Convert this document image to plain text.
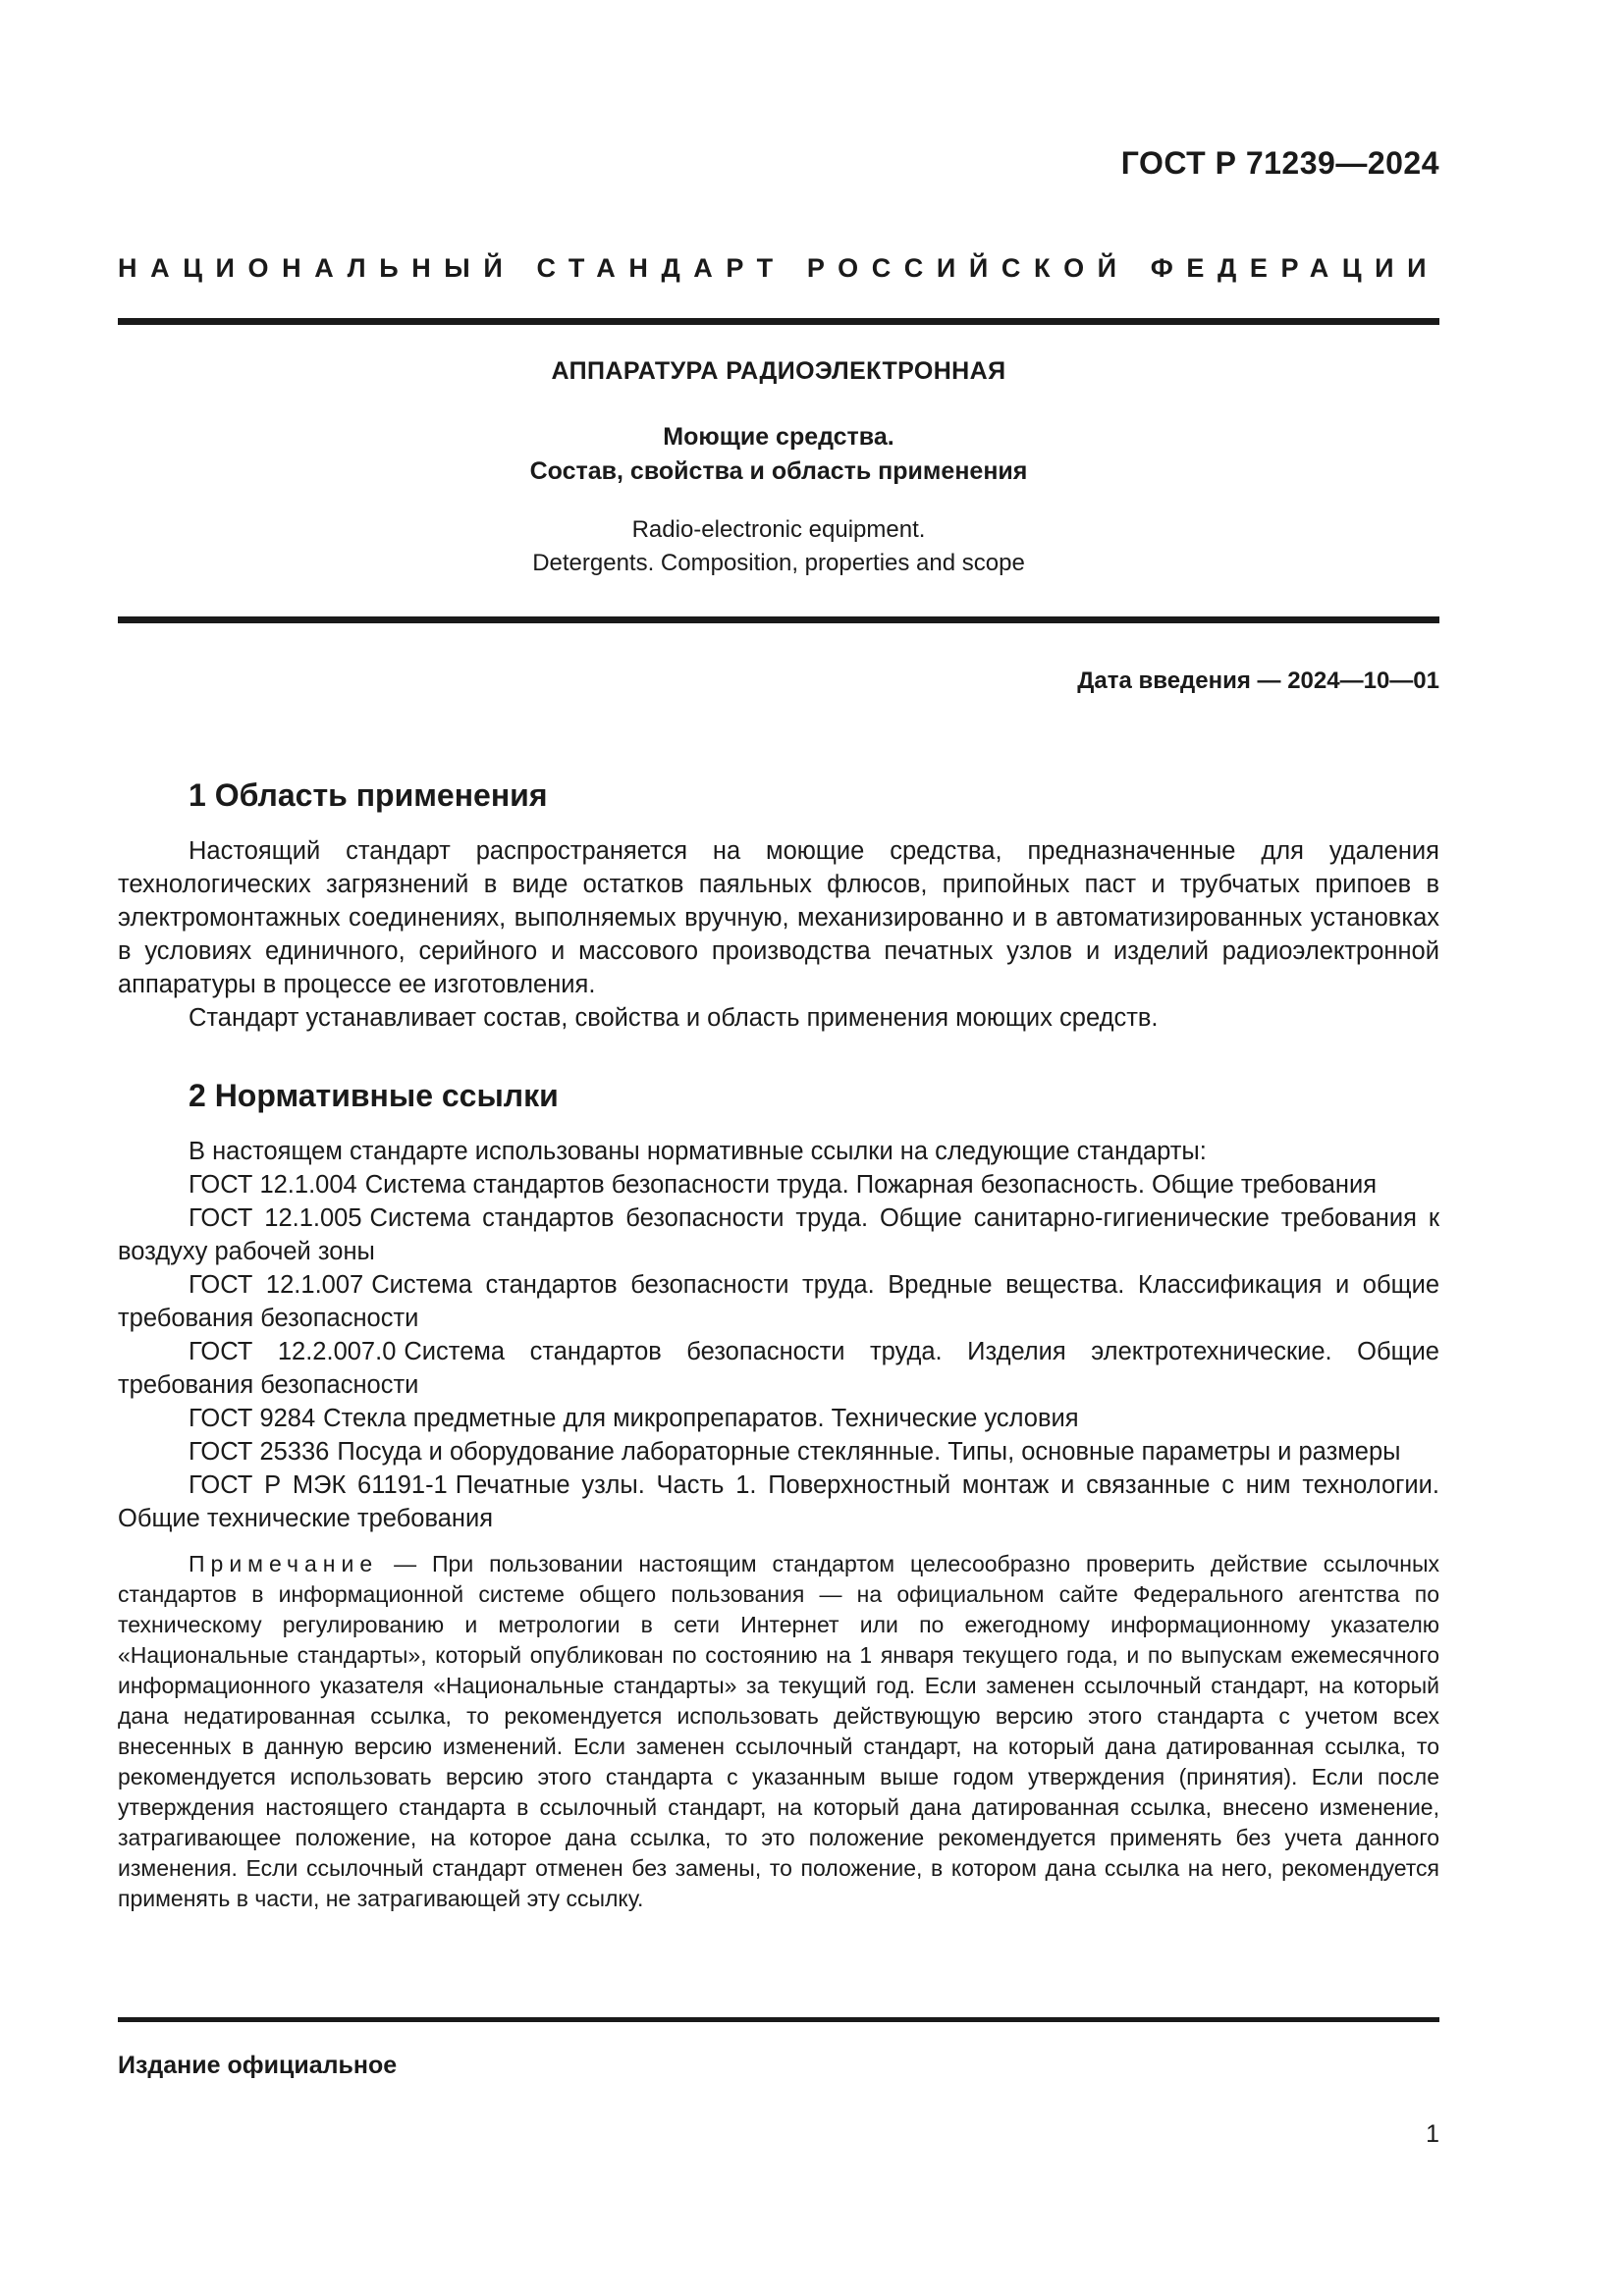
ГОСТ Р 71239—2024
НАЦИОНАЛЬНЫЙ СТАНДАРТ РОССИЙСКОЙ ФЕДЕРАЦИИ
АППАРАТУРА РАДИОЭЛЕКТРОННАЯ
Моющие средства.
Состав, свойства и область применения
Radio-electronic equipment.
Detergents. Composition, properties and scope
Дата введения — 2024—10—01
1 Область применения

Настоящий стандарт распространяется на моющие средства, предназначенные для удаления технологических загрязнений в виде остатков паяльных флюсов, припойных паст и трубчатых припоев в электромонтажных соединениях, выполняемых вручную, механизированно и в автоматизированных установках в условиях единичного, серийного и массового производства печатных узлов и изделий радиоэлектронной аппаратуры в процессе ее изготовления.

Стандарт устанавливает состав, свойства и область применения моющих средств.

2 Нормативные ссылки

В настоящем стандарте использованы нормативные ссылки на следующие стандарты:

ГОСТ 12.1.004 Система стандартов безопасности труда. Пожарная безопасность. Общие требования

ГОСТ 12.1.005 Система стандартов безопасности труда. Общие санитарно-гигиенические требования к воздуху рабочей зоны

ГОСТ 12.1.007 Система стандартов безопасности труда. Вредные вещества. Классификация и общие требования безопасности

ГОСТ 12.2.007.0 Система стандартов безопасности труда. Изделия электротехнические. Общие требования безопасности

ГОСТ 9284 Стекла предметные для микропрепаратов. Технические условия

ГОСТ 25336 Посуда и оборудование лабораторные стеклянные. Типы, основные параметры и размеры

ГОСТ Р МЭК 61191-1 Печатные узлы. Часть 1. Поверхностный монтаж и связанные с ним технологии. Общие технические требования

Примечание — При пользовании настоящим стандартом целесообразно проверить действие ссылочных стандартов в информационной системе общего пользования — на официальном сайте Федерального агентства по техническому регулированию и метрологии в сети Интернет или по ежегодному информационному указателю «Национальные стандарты», который опубликован по состоянию на 1 января текущего года, и по выпускам ежемесячного информационного указателя «Национальные стандарты» за текущий год. Если заменен ссылочный стандарт, на который дана недатированная ссылка, то рекомендуется использовать действующую версию этого стандарта с учетом всех внесенных в данную версию изменений. Если заменен ссылочный стандарт, на который дана датированная ссылка, то рекомендуется использовать версию этого стандарта с указанным выше годом утверждения (принятия). Если после утверждения настоящего стандарта в ссылочный стандарт, на который дана датированная ссылка, внесено изменение, затрагивающее положение, на которое дана ссылка, то это положение рекомендуется применять без учета данного изменения. Если ссылочный стандарт отменен без замены, то положение, в котором дана ссылка на него, рекомендуется применять в части, не затрагивающей эту ссылку.

Издание официальное
1
